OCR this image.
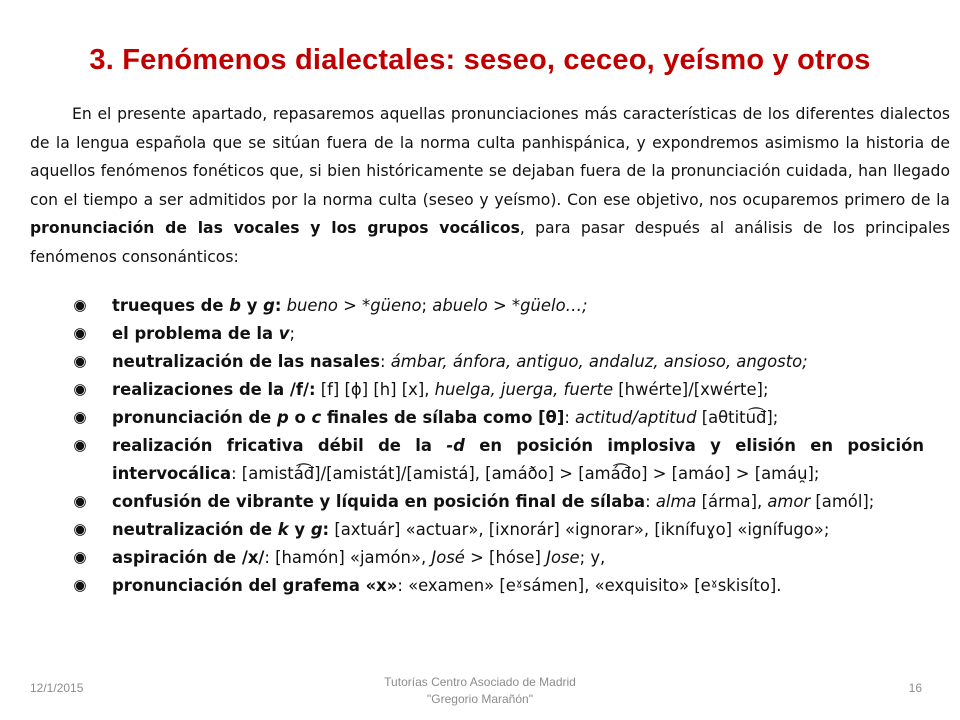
3. Fenómenos dialectales: seseo, ceceo, yeísmo y otros

En el presente apartado, repasaremos aquellas pronunciaciones más características de los diferentes dialectos de la lengua española que se sitúan fuera de la norma culta panhispánica, y expondremos asimismo la historia de aquellos fenómenos fonéticos que, si bien históricamente se dejaban fuera de la pronunciación cuidada, han llegado con el tiempo a ser admitidos por la norma culta (seseo y yeísmo). Con ese objetivo, nos ocuparemos primero de la pronunciación de las vocales y los grupos vocálicos, para pasar después al análisis de los principales fenómenos consonánticos:

trueques de b y g: bueno > *güeno; abuelo > *güelo…;
el problema de la v;
neutralización de las nasales: ámbar, ánfora, antiguo, andaluz, ansioso, angosto;
realizaciones de la /f/: [f] [ɸ] [h] [x], huelga, juerga, fuerte [hwérte]/[xwérte];
pronunciación de p o c finales de sílaba como [θ]: actitud/aptitud [aθtitu͡đ];
realización fricativa débil de la -d en posición implosiva y elisión en posición intervocálica: [amistá͡đ]/[amistát]/[amistá], [amáðo] > [amá͡đo] > [amáo] > [amáu̯];
confusión de vibrante y líquida en posición final de sílaba: alma [árma], amor [amól];
neutralización de k y g: [axtuár] «actuar», [ixnorár] «ignorar», [iknífuɣo] «ignífugo»;
aspiración de /x/: [hamón] «jamón», José > [hóse] Jose; y,
pronunciación del grafema «x»: «examen» [eˠsámen], «exquisito» [eˠskisíto].
12/1/2015	Tutorías Centro Asociado de Madrid
"Gregorio Marañón"
16
